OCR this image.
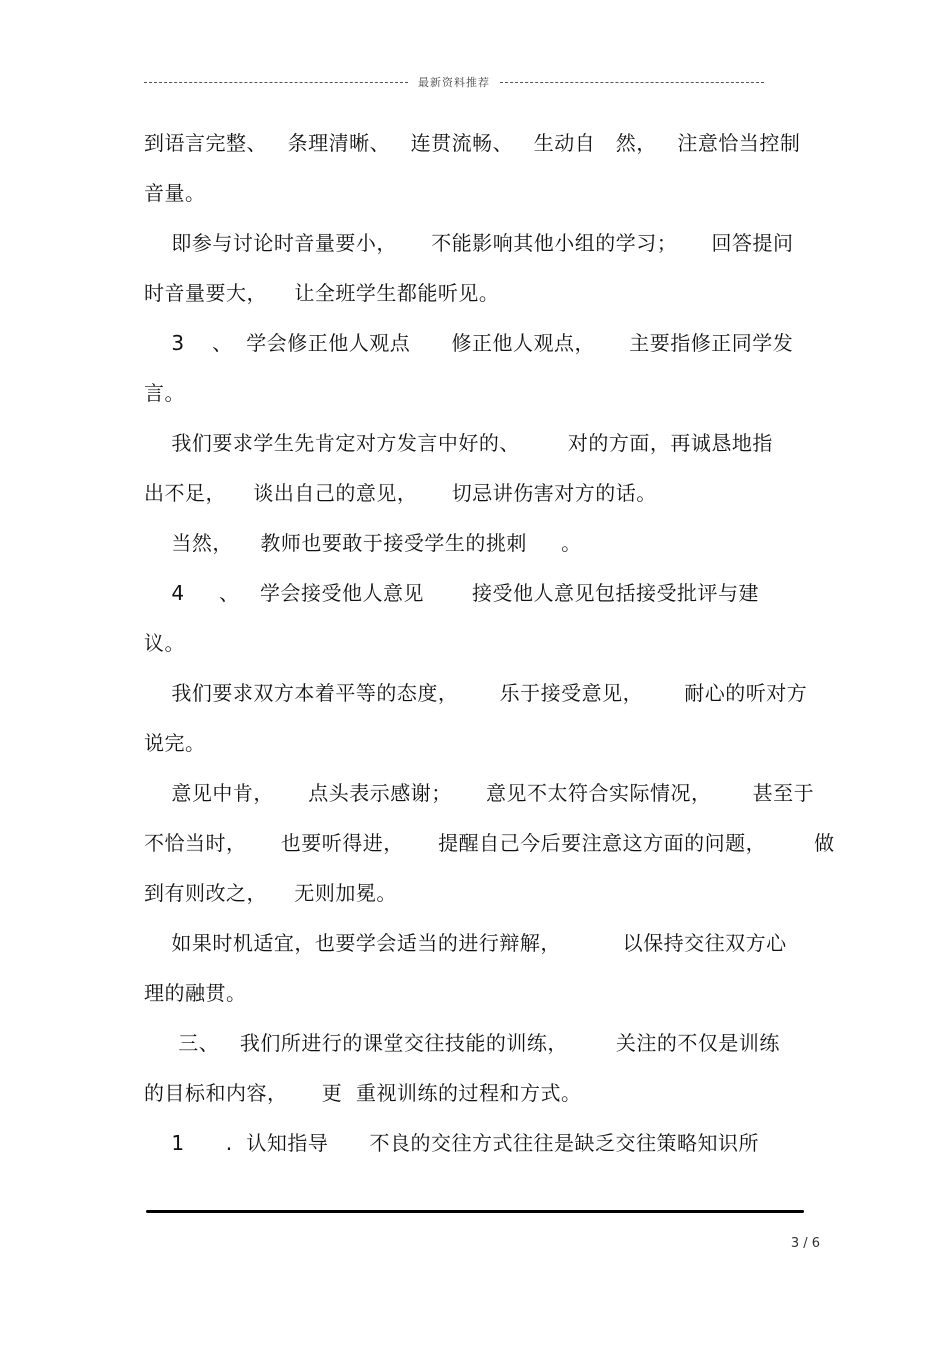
最新资料推荐
到语言完整、   条理清晰、   连贯流畅、   生动自   然，   注意恰当控制
音量。
即参与讨论时音量要小，     不能影响其他小组的学习；     回答提问
时音量要大，    让全班学生都能听见。
3    、  学会修正他人观点      修正他人观点，     主要指修正同学发
言。
我们要求学生先肯定对方发言中好的、       对的方面，再诚恳地指
出不足，    谈出自己的意见，     切忌讲伤害对方的话。
当然，    教师也要敢于接受学生的挑刺     。
4     、   学会接受他人意见       接受他人意见包括接受批评与建
议。
我们要求双方本着平等的态度，      乐于接受意见，      耐心的听对方
说完。
意见中肯，     点头表示感谢；     意见不太符合实际情况，      甚至于
不恰当时，     也要听得进，     提醒自己今后要注意这方面的问题，       做
到有则改之，    无则加冕。
如果时机适宜，也要学会适当的进行辩解，         以保持交往双方心
理的融贯。
三、   我们所进行的课堂交往技能的训练，       关注的不仅是训练
的目标和内容，     更  重视训练的过程和方式。
1      .  认知指导      不良的交往方式往往是缺乏交往策略知识所
3 / 6
